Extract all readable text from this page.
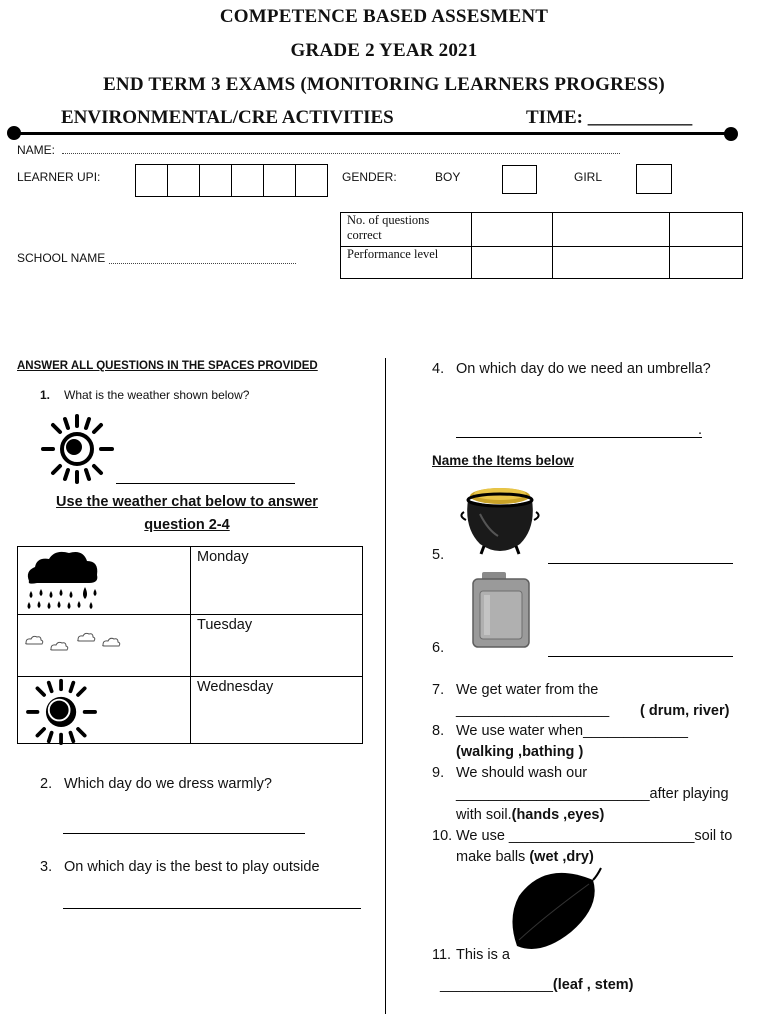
COMPETENCE BASED ASSESMENT
GRADE 2 YEAR 2021
END TERM 3 EXAMS (MONITORING LEARNERS PROGRESS)
ENVIRONMENTAL/CRE ACTIVITIES	TIME: ___________
NAME:
LEARNER UPI:	GENDER:	BOY	GIRL
No. of questions correct			
Performance level			
SCHOOL NAME
ANSWER ALL QUESTIONS IN THE SPACES PROVIDED
1. What is the weather shown below?
Use the weather chat below to answer
question 2-4
	Monday

	Tuesday

	Wednesday
2. Which day do we dress warmly?
3. On which day is the best to play outside
4. On which day do we need an umbrella?
.
Name the Items below
5.
6.
7. We get water from the
___________________ ( drum, river)
8. We use water when_____________
(walking ,bathing )
9. We should wash our
________________________after playing
with soil.(hands ,eyes)
10. We use _______________________soil to
make balls (wet ,dry)
11. This is a
______________(leaf , stem)
